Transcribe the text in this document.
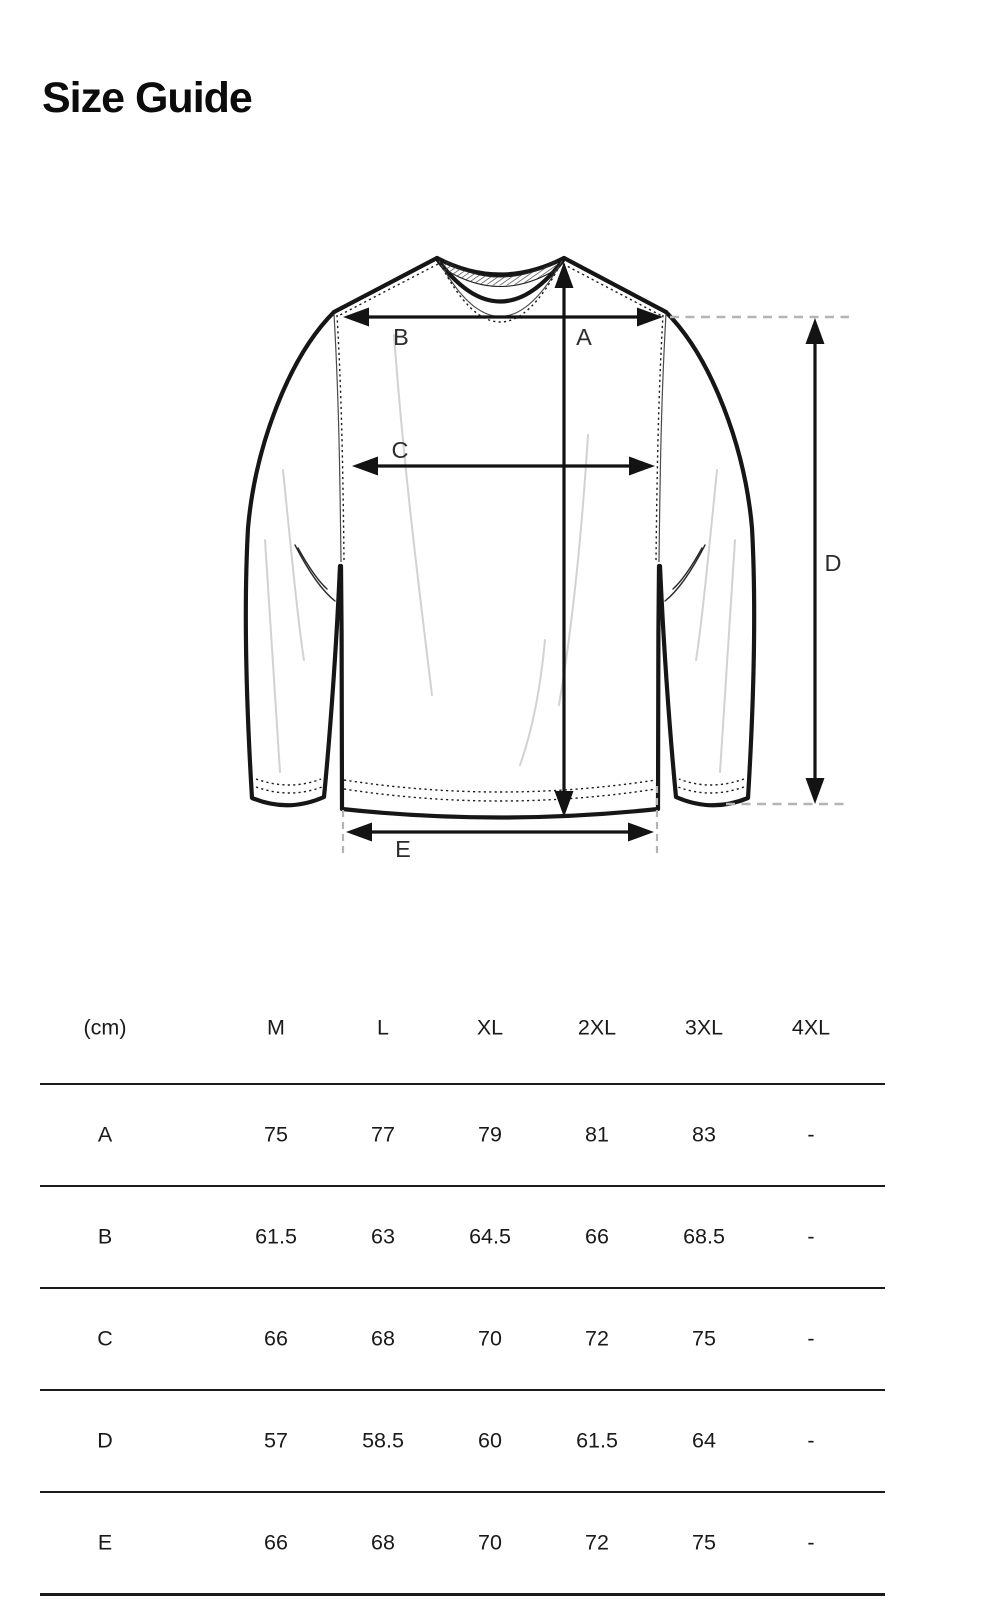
Size Guide
B	A
C
D
E
(cm)	M	L	XL	2XL	3XL	4XL
A	75	77	79	81	83	-
B	61.5	63	64.5	66	68.5	-
C	66	68	70	72	75	-
D	57	58.5	60	61.5	64	-
E	66	68	70	72	75	-
